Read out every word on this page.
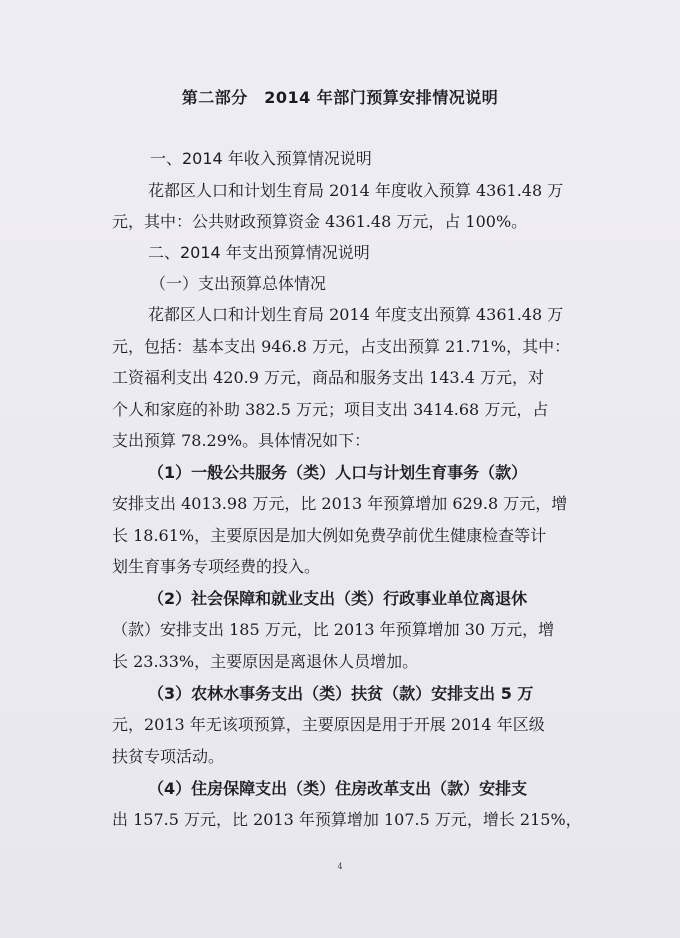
第二部分　2014 年部门预算安排情况说明
一、2014 年收入预算情况说明
花都区人口和计划生育局 2014 年度收入预算 4361.48 万
元，其中：公共财政预算资金 4361.48 万元，占 100%。
二、2014 年支出预算情况说明
（一）支出预算总体情况
花都区人口和计划生育局 2014 年度支出预算 4361.48 万
元，包括：基本支出 946.8 万元，占支出预算 21.71%，其中：
工资福利支出 420.9 万元，商品和服务支出 143.4 万元，对
个人和家庭的补助 382.5 万元；项目支出 3414.68 万元，占
支出预算 78.29%。具体情况如下：
（1）一般公共服务（类）人口与计划生育事务（款）
安排支出 4013.98 万元，比 2013 年预算增加 629.8 万元，增
长 18.61%，主要原因是加大例如免费孕前优生健康检查等计
划生育事务专项经费的投入。
（2）社会保障和就业支出（类）行政事业单位离退休
（款）安排支出 185 万元，比 2013 年预算增加 30 万元，增
长 23.33%，主要原因是离退休人员增加。
（3）农林水事务支出（类）扶贫（款）安排支出 5 万
元，2013 年无该项预算，主要原因是用于开展 2014 年区级
扶贫专项活动。
（4）住房保障支出（类）住房改革支出（款）安排支
出 157.5 万元，比 2013 年预算增加 107.5 万元，增长 215%，
4
